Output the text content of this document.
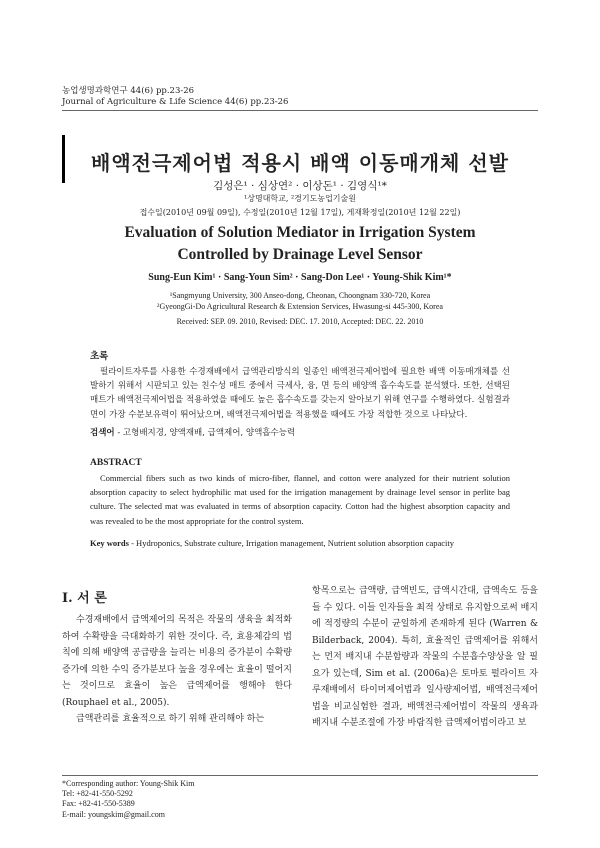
농업생명과학연구 44(6) pp.23-26
Journal of Agriculture & Life Science 44(6) pp.23-26
배액전극제어법 적용시 배액 이동매개체 선발
김성은¹ · 심상연² · 이상돈¹ · 김영식¹*
¹상명대학교, ²경기도농업기술원
접수일(2010년 09월 09일), 수정일(2010년 12월 17일), 게재확정일(2010년 12월 22일)
Evaluation of Solution Mediator in Irrigation System Controlled by Drainage Level Sensor
Sung-Eun Kim¹ · Sang-Youn Sim² · Sang-Don Lee¹ · Young-Shik Kim¹*
¹Sangmyung University, 300 Anseo-dong, Cheonan, Choongnam 330-720, Korea
²GyeongGi-Do Agricultural Research & Extension Services, Hwasung-si 445-300, Korea
Received: SEP. 09. 2010, Revised: DEC. 17. 2010, Accepted: DEC. 22. 2010
초록
펄라이트자루를 사용한 수경재배에서 급액관리방식의 일종인 배액전극제어법에 필요한 배액 이동매개체를 선발하기 위해서 시판되고 있는 친수성 매트 중에서 극세사, 융, 면 등의 배양액 흡수속도를 분석했다. 또한, 선택된 매트가 배액전극제어법을 적용하였을 때에도 높은 흡수속도를 갖는지 알아보기 위해 연구를 수행하였다. 실험결과 면이 가장 수분보유력이 뛰어났으며, 배액전극제어법을 적용했을 때에도 가장 적합한 것으로 나타났다.
검색어 - 고형배지경, 양액재배, 급액제어, 양액흡수능력
ABSTRACT
Commercial fibers such as two kinds of micro-fiber, flannel, and cotton were analyzed for their nutrient solution absorption capacity to select hydrophilic mat used for the irrigation management by drainage level sensor in perlite bag culture. The selected mat was evaluated in terms of absorption capacity. Cotton had the highest absorption capacity and was revealed to be the most appropriate for the control system.
Key words - Hydroponics, Substrate culture, Irrigation management, Nutrient solution absorption capacity
Ⅰ. 서 론
수경재배에서 급액제어의 목적은 작물의 생육을 최적화하여 수확량을 극대화하기 위한 것이다. 즉, 효용체감의 법칙에 의해 배양액 공급량을 늘리는 비용의 증가분이 수확량 증가에 의한 수익 증가분보다 높을 경우에는 효율이 떨어지는 것이므로 효율이 높은 급액제어를 행해야 한다 (Rouphael et al., 2005).
급액관리를 효율적으로 하기 위해 관리해야 하는
항목으로는 급액량, 급액빈도, 급액시간대, 급액속도 등을 들 수 있다. 이들 인자들을 최적 상태로 유지함으로써 배지에 적정량의 수분이 균일하게 존재하게 된다 (Warren & Bilderback, 2004). 특히, 효율적인 급액제어를 위해서는 먼저 배지내 수분함량과 작물의 수분흡수양상을 알 필요가 있는데, Sim et al. (2006a)은 토마토 펄라이트 자루재배에서 타이머제어법과 일사량제어법, 배액전극제어법을 비교실험한 결과, 배액전극제어법이 작물의 생육과 배지내 수분조절에 가장 바람직한 급액제어법이라고 보
*Corresponding author: Young-Shik Kim
Tel: +82-41-550-5292
Fax: +82-41-550-5389
E-mail: youngskim@gmail.com
